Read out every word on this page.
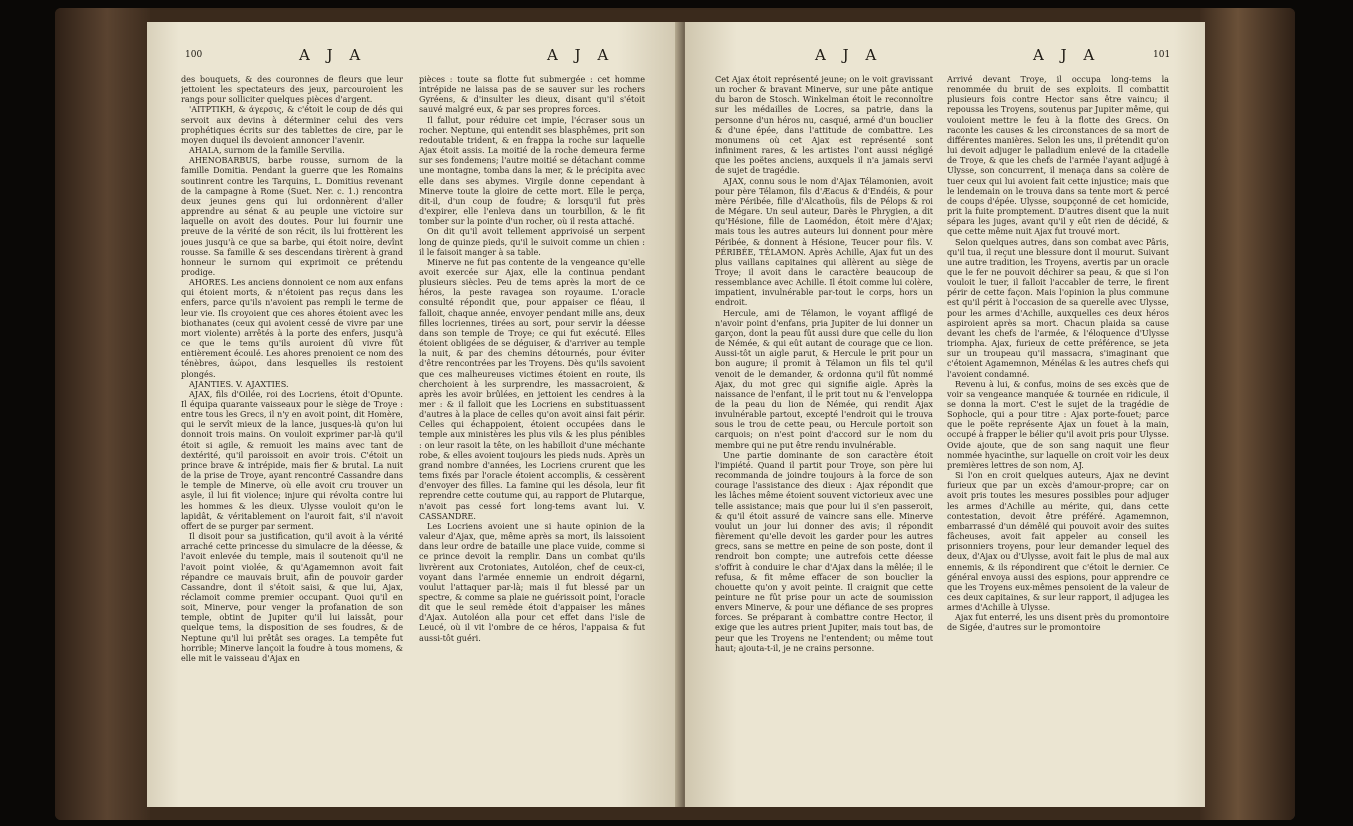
100	A J A	A J A

des bouquets, & des couronnes de fleurs que leur jettoient les spectateurs des jeux, parcouroient les rangs pour solliciter quelques pièces d'argent.

'AΙΤΡΤΙΚΗ, & άγερσις, & c'étoit le coup de dés qui servoit aux devins à déterminer celui des vers prophétiques écrits sur des tablettes de cire, par le moyen duquel ils devoient annoncer l'avenir.

AHALA, surnom de la famille Servilia.

AHENOBARBUS, barbe rousse, surnom de la famille Domitia. Pendant la guerre que les Romains soutinrent contre les Tarquins, L. Domitius revenant de la campagne à Rome (Suet. Ner. c. 1.) rencontra deux jeunes gens qui lui ordonnèrent d'aller apprendre au sénat & au peuple une victoire sur laquelle on avoit des doutes. Pour lui fournir une preuve de la vérité de son récit, ils lui frottèrent les joues jusqu'à ce que sa barbe, qui étoit noire, devînt rousse. Sa famille & ses descendans tirèrent à grand honneur le surnom qui exprimoit ce prétendu prodige.

AHORES. Les anciens donnoient ce nom aux enfans qui étoient morts, & n'étoient pas reçus dans les enfers, parce qu'ils n'avoient pas rempli le terme de leur vie. Ils croyoient que ces ahores étoient avec les biothanates (ceux qui avoient cessé de vivre par une mort violente) arrêtés à la porte des enfers, jusqu'à ce que le tems qu'ils auroient dû vivre fût entièrement écoulé. Les ahores prenoient ce nom des ténèbres, ἀώροι, dans lesquelles ils restoient plongés.

AJANTIES. V. AJAXTIES.

AJAX, fils d'Oilée, roi des Locriens, étoit d'Opunte. Il équipa quarante vaisseaux pour le siège de Troye : entre tous les Grecs, il n'y en avoit point, dit Homère, qui le servît mieux de la lance, jusques-là qu'on lui donnoit trois mains. On vouloit exprimer par-là qu'il étoit si agile, & remuoit les mains avec tant de dextérité, qu'il paroissoit en avoir trois. C'étoit un prince brave & intrépide, mais fier & brutal. La nuit de la prise de Troye, ayant rencontré Cassandre dans le temple de Minerve, où elle avoit cru trouver un asyle, il lui fit violence; injure qui révolta contre lui les hommes & les dieux. Ulysse vouloit qu'on le lapidât, & véritablement on l'auroit fait, s'il n'avoit offert de se purger par serment.

Il disoit pour sa justification, qu'il avoit à la vérité arraché cette princesse du simulacre de la déesse, & l'avoit enlevée du temple, mais il soutenoit qu'il ne l'avoit point violée, & qu'Agamemnon avoit fait répandre ce mauvais bruit, afin de pouvoir garder Cassandre, dont il s'étoit saisi, & que lui, Ajax, réclamoit comme premier occupant. Quoi qu'il en soit, Minerve, pour venger la profanation de son temple, obtint de Jupiter qu'il lui laissât, pour quelque tems, la disposition de ses foudres, & de Neptune qu'il lui prêtât ses orages. La tempête fut horrible; Minerve lançoit la foudre à tous momens, & elle mit le vaisseau d'Ajax en

pièces : toute sa flotte fut submergée : cet homme intrépide ne laissa pas de se sauver sur les rochers Gyréens, & d'insulter les dieux, disant qu'il s'étoit sauvé malgré eux, & par ses propres forces.

Il fallut, pour réduire cet impie, l'écraser sous un rocher. Neptune, qui entendit ses blasphêmes, prit son redoutable trident, & en frappa la roche sur laquelle Ajax étoit assis. La moitié de la roche demeura ferme sur ses fondemens; l'autre moitié se détachant comme une montagne, tomba dans la mer, & le précipita avec elle dans ses abymes. Virgile donne cependant à Minerve toute la gloire de cette mort. Elle le perça, dit-il, d'un coup de foudre; & lorsqu'il fut près d'expirer, elle l'enleva dans un tourbillon, & le fit tomber sur la pointe d'un rocher, où il resta attaché.

On dit qu'il avoit tellement apprivoisé un serpent long de quinze pieds, qu'il le suivoit comme un chien : il le faisoit manger à sa table.

Minerve ne fut pas contente de la vengeance qu'elle avoit exercée sur Ajax, elle la continua pendant plusieurs siècles. Peu de tems après la mort de ce héros, la peste ravagea son royaume. L'oracle consulté répondit que, pour appaiser ce fléau, il falloit, chaque année, envoyer pendant mille ans, deux filles locriennes, tirées au sort, pour servir la déesse dans son temple de Troye; ce qui fut exécuté. Elles étoient obligées de se déguiser, & d'arriver au temple la nuit, & par des chemins détournés, pour éviter d'être rencontrées par les Troyens. Dès qu'ils savoient que ces malheureuses victimes étoient en route, ils cherchoient à les surprendre, les massacroient, & après les avoir brûlées, en jettoient les cendres à la mer : & il falloit que les Locriens en substituassent d'autres à la place de celles qu'on avoit ainsi fait périr. Celles qui échappoient, étoient occupées dans le temple aux ministères les plus vils & les plus pénibles : on leur rasoit la tête, on les habilloit d'une méchante robe, & elles avoient toujours les pieds nuds. Après un grand nombre d'années, les Locriens crurent que les tems fixés par l'oracle étoient accomplis, & cessèrent d'envoyer des filles. La famine qui les désola, leur fit reprendre cette coutume qui, au rapport de Plutarque, n'avoit pas cessé fort long-tems avant lui. V. CASSANDRE.

Les Locriens avoient une si haute opinion de la valeur d'Ajax, que, même après sa mort, ils laissoient dans leur ordre de bataille une place vuide, comme si ce prince devoit la remplir. Dans un combat qu'ils livrèrent aux Crotoniates, Autoléon, chef de ceux-ci, voyant dans l'armée ennemie un endroit dégarni, voulut l'attaquer par-là; mais il fut blessé par un spectre, & comme sa plaie ne guérissoit point, l'oracle dit que le seul remède étoit d'appaiser les mânes d'Ajax. Autoléon alla pour cet effet dans l'isle de Leucé, où il vit l'ombre de ce héros, l'appaisa & fut aussi-tôt guéri.

A J A	A J A	101

Cet Ajax étoit représenté jeune; on le voit gravissant un rocher & bravant Minerve, sur une pâte antique du baron de Stosch. Winkelman étoit le reconnoître sur les médailles de Locres, sa patrie, dans la personne d'un héros nu, casqué, armé d'un bouclier & d'une épée, dans l'attitude de combattre. Les monumens où cet Ajax est représenté sont infiniment rares, & les artistes l'ont aussi négligé que les poëtes anciens, auxquels il n'a jamais servi de sujet de tragédie.

AJAX, connu sous le nom d'Ajax Télamonien, avoit pour père Télamon, fils d'Æacus & d'Endéis, & pour mère Péribée, fille d'Alcathoüs, fils de Pélops & roi de Mégare. Un seul auteur, Darès le Phrygien, a dit qu'Hésione, fille de Laomédon, étoit mère d'Ajax; mais tous les autres auteurs lui donnent pour mère Péribée, & donnent à Hésione, Teucer pour fils. V. PÉRIBÉE, TÉLAMON. Après Achille, Ajax fut un des plus vaillans capitaines qui allèrent au siège de Troye; il avoit dans le caractère beaucoup de ressemblance avec Achille. Il étoit comme lui colère, impatient, invulnérable par-tout le corps, hors un endroit.

Hercule, ami de Télamon, le voyant affligé de n'avoir point d'enfans, pria Jupiter de lui donner un garçon, dont la peau fût aussi dure que celle du lion de Némée, & qui eût autant de courage que ce lion. Aussi-tôt un aigle parut, & Hercule le prit pour un bon augure; il promit à Télamon un fils tel qu'il venoit de le demander, & ordonna qu'il fût nommé Ajax, du mot grec qui signifie aigle. Après la naissance de l'enfant, il le prit tout nu & l'enveloppa de la peau du lion de Némée, qui rendit Ajax invulnérable partout, excepté l'endroit qui le trouva sous le trou de cette peau, ou Hercule portoit son carquois; on n'est point d'accord sur le nom du membre qui ne put être rendu invulnérable.

Une partie dominante de son caractère étoit l'impiété. Quand il partit pour Troye, son père lui recommanda de joindre toujours à la force de son courage l'assistance des dieux : Ajax répondit que les lâches même étoient souvent victorieux avec une telle assistance; mais que pour lui il s'en passeroit, & qu'il étoit assuré de vaincre sans elle. Minerve voulut un jour lui donner des avis; il répondit fièrement qu'elle devoit les garder pour les autres grecs, sans se mettre en peine de son poste, dont il rendroit bon compte; une autrefois cette déesse s'offrit à conduire le char d'Ajax dans la mêlée; il le refusa, & fit même effacer de son bouclier la chouette qu'on y avoit peinte. Il craignit que cette peinture ne fût prise pour un acte de soumission envers Minerve, & pour une défiance de ses propres forces. Se préparant à combattre contre Hector, il exige que les autres prient Jupiter, mais tout bas, de peur que les Troyens ne l'entendent; ou même tout haut; ajouta-t-il, je ne crains personne.

Arrivé devant Troye, il occupa long-tems la renommée du bruit de ses exploits. Il combattit plusieurs fois contre Hector sans être vaincu; il repoussa les Troyens, soutenus par Jupiter même, qui vouloient mettre le feu à la flotte des Grecs. On raconte les causes & les circonstances de sa mort de différentes manières. Selon les uns, il prétendit qu'on lui devoit adjuger le palladium enlevé de la citadelle de Troye, & que les chefs de l'armée l'ayant adjugé à Ulysse, son concurrent, il menaça dans sa colère de tuer ceux qui lui avoient fait cette injustice; mais que le lendemain on le trouva dans sa tente mort & percé de coups d'épée. Ulysse, soupçonné de cet homicide, prit la fuite promptement. D'autres disent que la nuit sépara les juges, avant qu'il y eût rien de décidé, & que cette même nuit Ajax fut trouvé mort.

Selon quelques autres, dans son combat avec Pâris, qu'il tua, il reçut une blessure dont il mourut. Suivant une autre tradition, les Troyens, avertis par un oracle que le fer ne pouvoit déchirer sa peau, & que si l'on vouloit le tuer, il falloit l'accabler de terre, le firent périr de cette façon. Mais l'opinion la plus commune est qu'il périt à l'occasion de sa querelle avec Ulysse, pour les armes d'Achille, auxquelles ces deux héros aspiroient après sa mort. Chacun plaida sa cause devant les chefs de l'armée, & l'éloquence d'Ulysse triompha. Ajax, furieux de cette préférence, se jeta sur un troupeau qu'il massacra, s'imaginant que c'étoient Agamemnon, Ménélas & les autres chefs qui l'avoient condamné.

Revenu à lui, & confus, moins de ses excès que de voir sa vengeance manquée & tournée en ridicule, il se donna la mort. C'est le sujet de la tragédie de Sophocle, qui a pour titre : Ajax porte-fouet; parce que le poëte représente Ajax un fouet à la main, occupé à frapper le bélier qu'il avoit pris pour Ulysse. Ovide ajoute, que de son sang naquit une fleur nommée hyacinthe, sur laquelle on croit voir les deux premières lettres de son nom, AJ.

Si l'on en croit quelques auteurs, Ajax ne devint furieux que par un excès d'amour-propre; car on avoit pris toutes les mesures possibles pour adjuger les armes d'Achille au mérite, qui, dans cette contestation, devoit être préféré. Agamemnon, embarrassé d'un démêlé qui pouvoit avoir des suites fâcheuses, avoit fait appeler au conseil les prisonniers troyens, pour leur demander lequel des deux, d'Ajax ou d'Ulysse, avoit fait le plus de mal aux ennemis, & ils répondirent que c'étoit le dernier. Ce général envoya aussi des espions, pour apprendre ce que les Troyens eux-mêmes pensoient de la valeur de ces deux capitaines, & sur leur rapport, il adjugea les armes d'Achille à Ulysse.

Ajax fut enterré, les uns disent près du promontoire de Sigée, d'autres sur le promontoire
